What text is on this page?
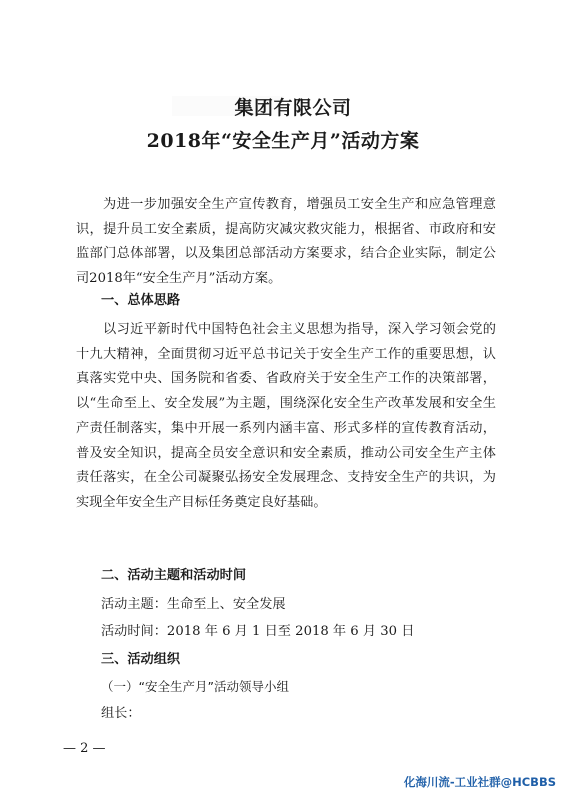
集团有限公司
2018年“安全生产月”活动方案

为进一步加强安全生产宣传教育，增强员工安全生产和应急管理意识，提升员工安全素质，提高防灾减灾救灾能力，根据省、市政府和安监部门总体部署，以及集团总部活动方案要求，结合企业实际，制定公司2018年“安全生产月”活动方案。

一、总体思路

以习近平新时代中国特色社会主义思想为指导，深入学习领会党的十九大精神，全面贯彻习近平总书记关于安全生产工作的重要思想，认真落实党中央、国务院和省委、省政府关于安全生产工作的决策部署，以“生命至上、安全发展”为主题，围绕深化安全生产改革发展和安全生产责任制落实，集中开展一系列内涵丰富、形式多样的宣传教育活动，普及安全知识，提高全员安全意识和安全素质，推动公司安全生产主体责任落实，在全公司凝聚弘扬安全发展理念、支持安全生产的共识，为实现全年安全生产目标任务奠定良好基础。

二、活动主题和活动时间
活动主题：生命至上、安全发展
活动时间：2018 年 6 月 1 日至 2018 年 6 月 30 日
三、活动组织
（一）“安全生产月”活动领导小组
组长：
— 2 —
化海川流-工业社群@HCBBS
